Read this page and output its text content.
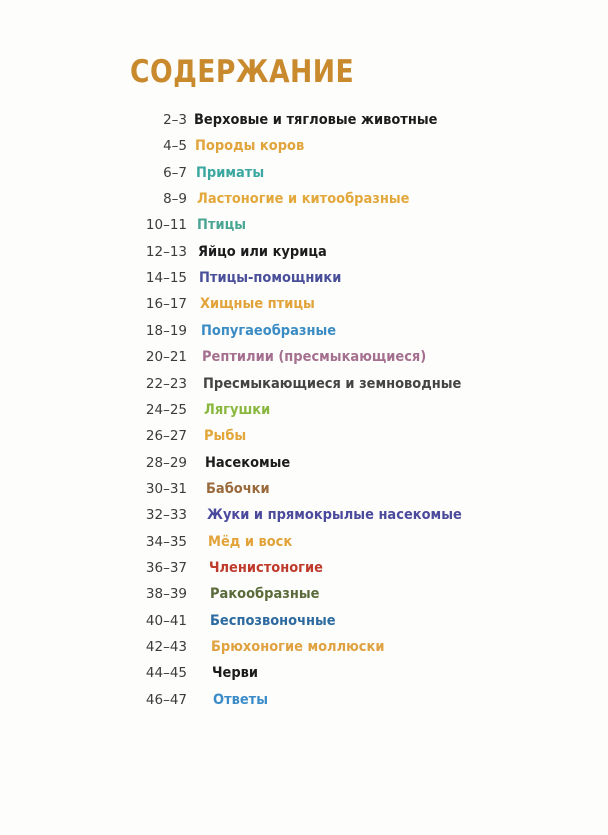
СОДЕРЖАНИЕ
2–3 Верховые и тягловые животные
4–5 Породы коров
6–7 Приматы
8–9 Ластоногие и китообразные
10–11 Птицы
12–13 Яйцо или курица
14–15 Птицы-помощники
16–17 Хищные птицы
18–19 Попугаеобразные
20–21 Рептилии (пресмыкающиеся)
22–23 Пресмыкающиеся и земноводные
24–25 Лягушки
26–27 Рыбы
28–29 Насекомые
30–31 Бабочки
32–33 Жуки и прямокрылые насекомые
34–35 Мёд и воск
36–37 Членистоногие
38–39 Ракообразные
40–41 Беспозвоночные
42–43 Брюхоногие моллюски
44–45 Черви
46–47 Ответы
